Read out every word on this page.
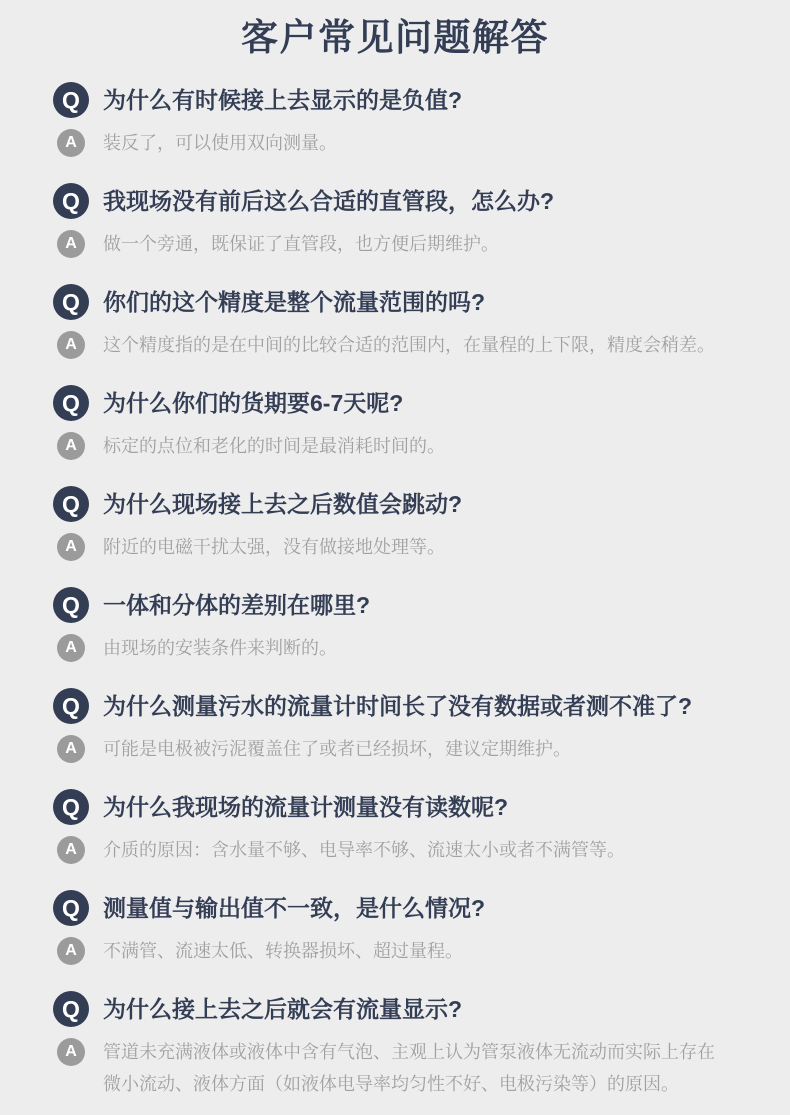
客户常见问题解答
Q	为什么有时候接上去显示的是负值?
A	装反了，可以使用双向测量。
Q	我现场没有前后这么合适的直管段，怎么办?
A	做一个旁通，既保证了直管段，也方便后期维护。
Q	你们的这个精度是整个流量范围的吗?
A	这个精度指的是在中间的比较合适的范围内，在量程的上下限，精度会稍差。
Q	为什么你们的货期要6-7天呢?
A	标定的点位和老化的时间是最消耗时间的。
Q	为什么现场接上去之后数值会跳动?
A	附近的电磁干扰太强，没有做接地处理等。
Q	一体和分体的差别在哪里?
A	由现场的安装条件来判断的。
Q	为什么测量污水的流量计时间长了没有数据或者测不准了?
A	可能是电极被污泥覆盖住了或者已经损坏，建议定期维护。
Q	为什么我现场的流量计测量没有读数呢?
A	介质的原因：含水量不够、电导率不够、流速太小或者不满管等。
Q	测量值与输出值不一致，是什么情况?
A	不满管、流速太低、转换器损坏、超过量程。
Q	为什么接上去之后就会有流量显示?
A	管道未充满液体或液体中含有气泡、主观上认为管泵液体无流动而实际上存在微小流动、液体方面（如液体电导率均匀性不好、电极污染等）的原因。
